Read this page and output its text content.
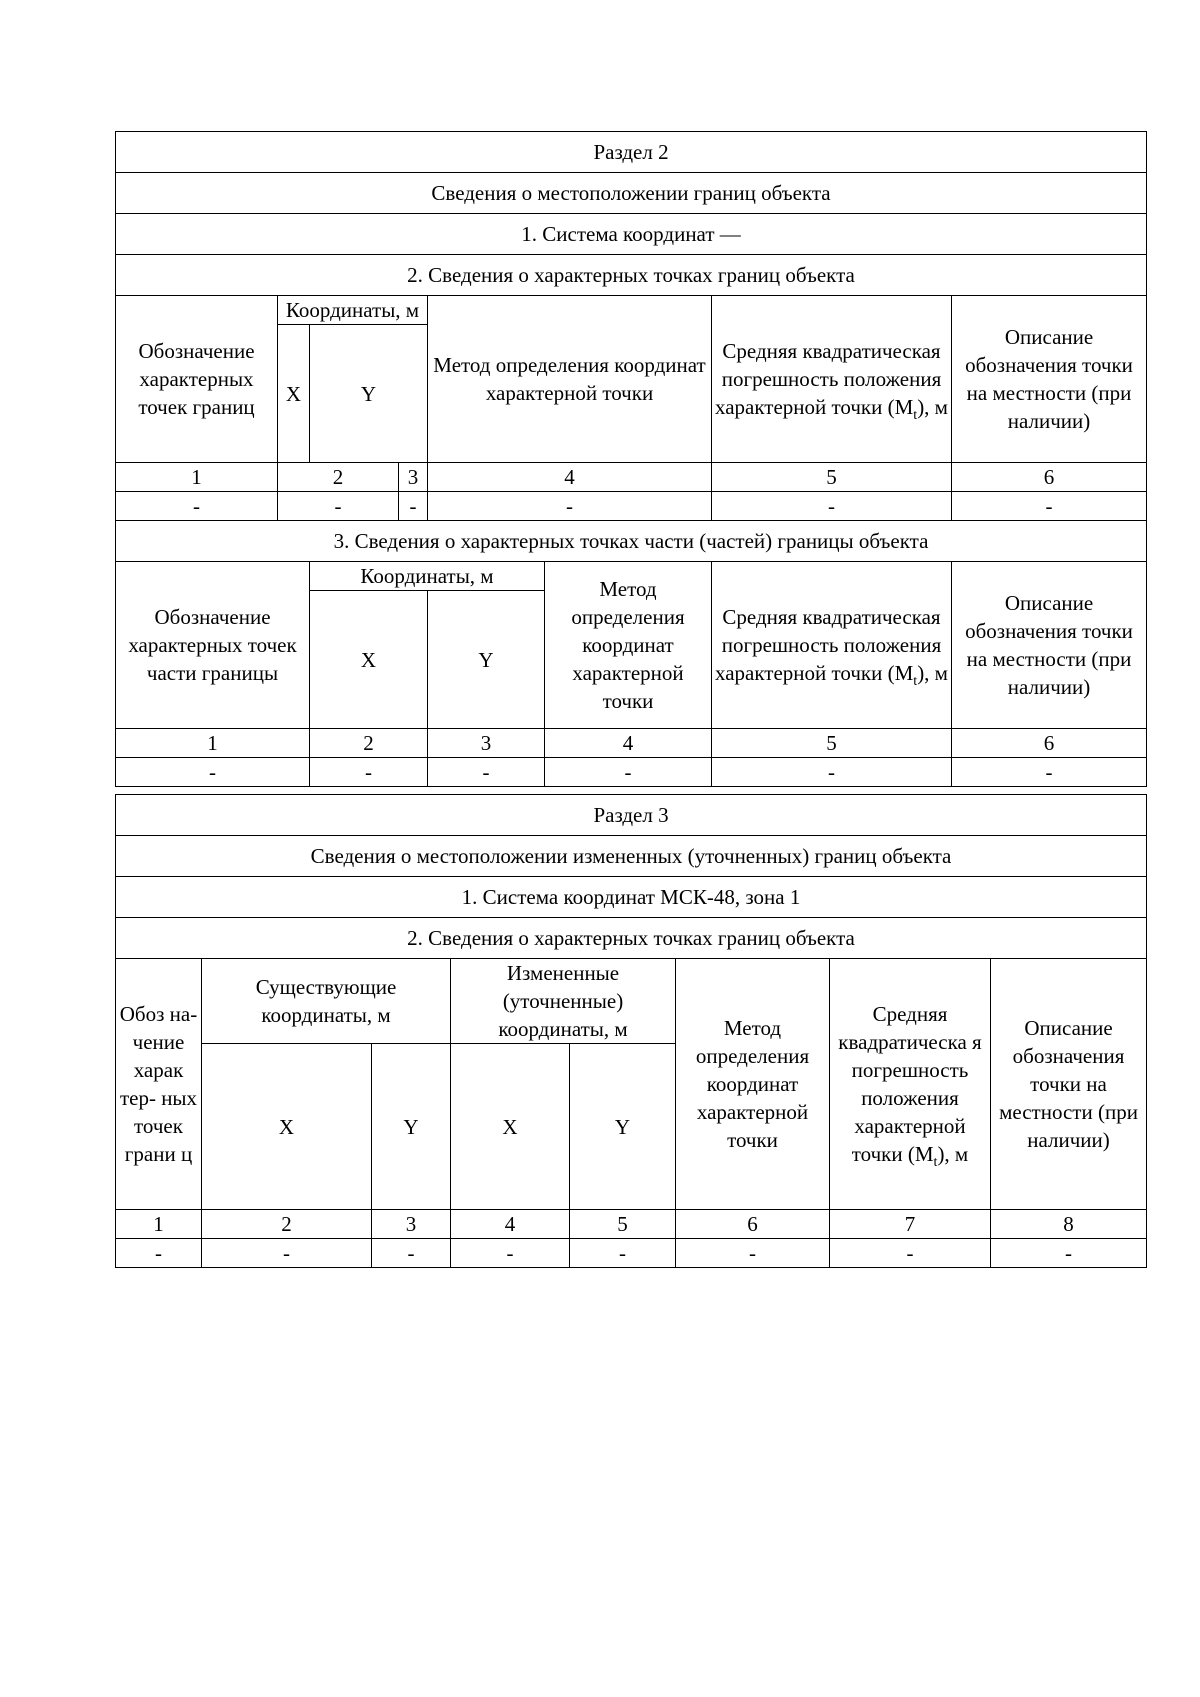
Раздел 2							
Сведения о местоположении границ объекта							
1. Система координат —							
2. Сведения о характерных точках границ объекта							
Обозначение характерных точек границ	Координаты, м			Метод определения координат характерной точки		Средняя квадратическая погрешность положения характерной точки $(M_t)$, м	Описание обозначения точки на местности (при наличии)
	X	Y					
1	2		3	4		5	6
-	-		-	-		-	-
3. Сведения о характерных точках части (частей) границы объекта							
Обозначение характерных точек части границы		Координаты, м			Метод определения координат характерной точки	Средняя квадратическая погрешность положения характерной точки $(M_t)$, м	Описание обозначения точки на местности (при наличии)
		X		Y			
1		2		3	4	5	6
-		-		-	-	-	-
Раздел 3							
Сведения о местоположении измененных (уточненных) границ объекта							
1. Система координат МСК-48, зона 1							
2. Сведения о характерных точках границ объекта							
Обоз на- чение харак тер- ных точек грани ц	Существующие координаты, м		Измененные (уточненные) координаты, м		Метод определения координат характерной точки	Средняя квадратическа я погрешность положения характерной точки $(M_t)$, м	Описание обозначения точки на местности (при наличии)
	X	Y	X	Y			
1	2	3	4	5	6	7	8
-	-	-	-	-	-	-	-
